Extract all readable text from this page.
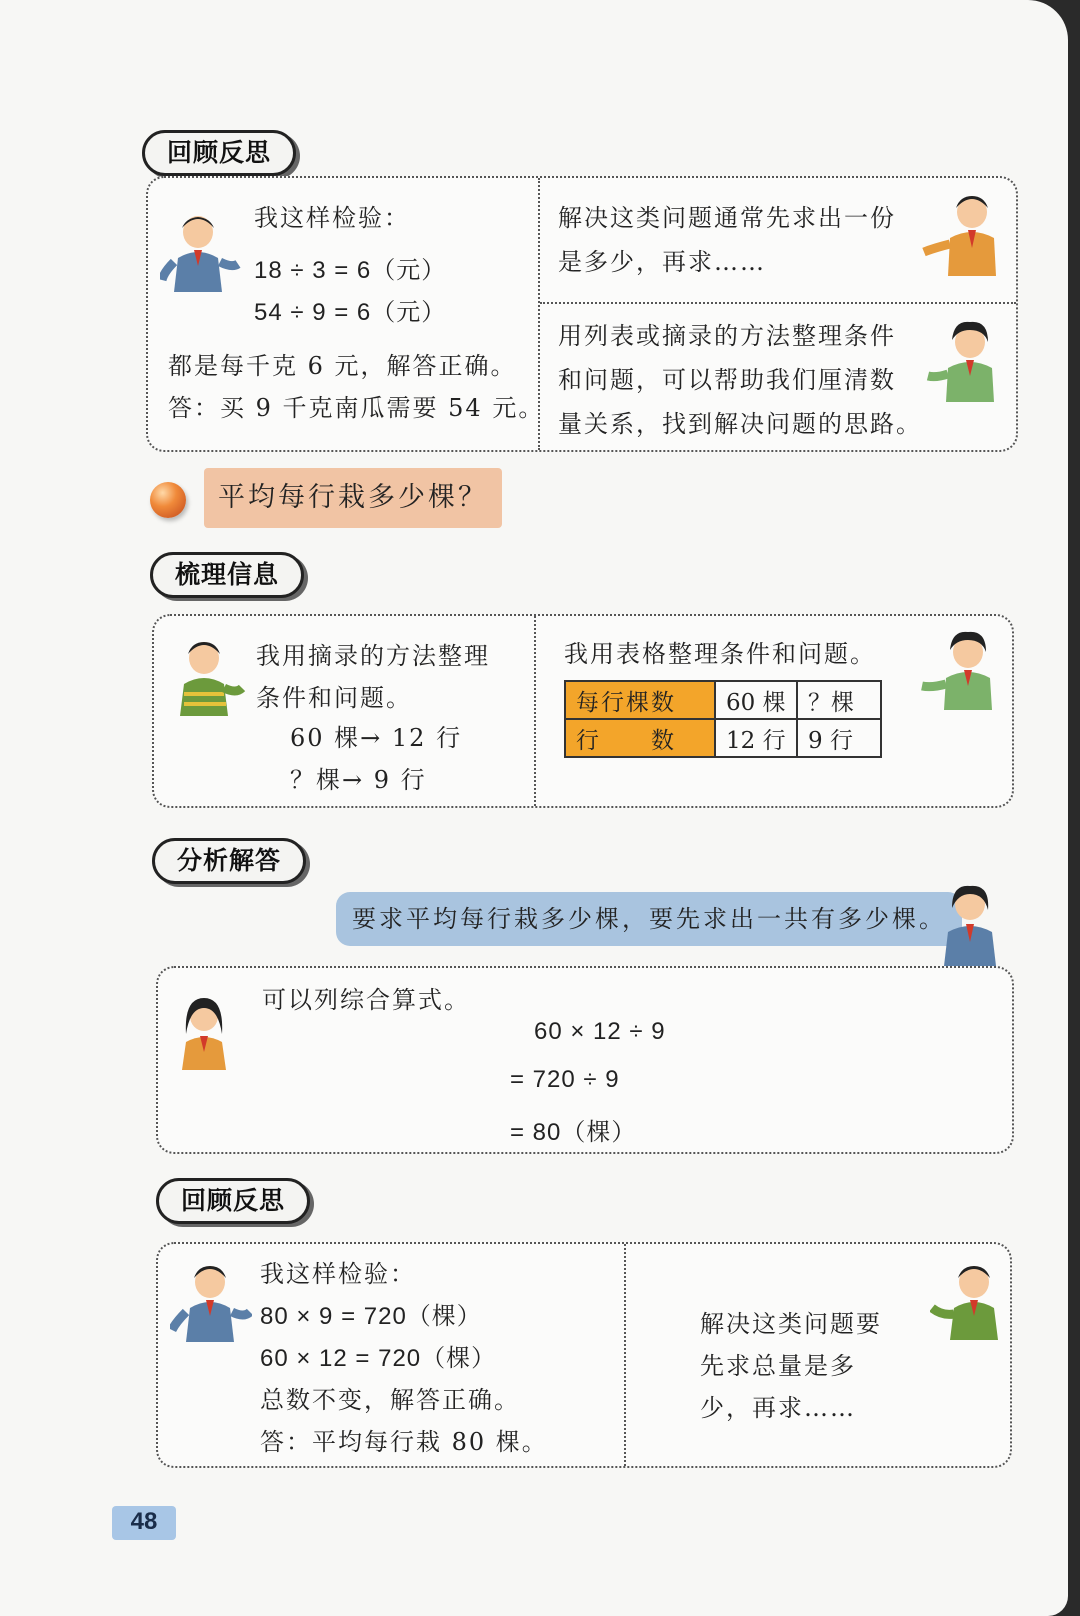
回顾反思
我这样检验：
18 ÷ 3 = 6（元）
54 ÷ 9 = 6（元）
都是每千克 6 元，解答正确。
答：买 9 千克南瓜需要 54 元。
解决这类问题通常先求出一份
是多少，再求……
用列表或摘录的方法整理条件
和问题，可以帮助我们厘清数
量关系，找到解决问题的思路。
平均每行栽多少棵？
梳理信息
我用摘录的方法整理
条件和问题。
60 棵→ 12 行
？棵→ 9 行
我用表格整理条件和问题。
每行棵数	60 棵	？棵
行　　数	12 行	9 行
分析解答
要求平均每行栽多少棵，要先求出一共有多少棵。
可以列综合算式。
60 × 12 ÷ 9
= 720 ÷ 9
= 80（棵）
回顾反思
我这样检验：
80 × 9 = 720（棵）
60 × 12 = 720（棵）
总数不变，解答正确。
答：平均每行栽 80 棵。
解决这类问题要
先求总量是多
少，再求……
48
